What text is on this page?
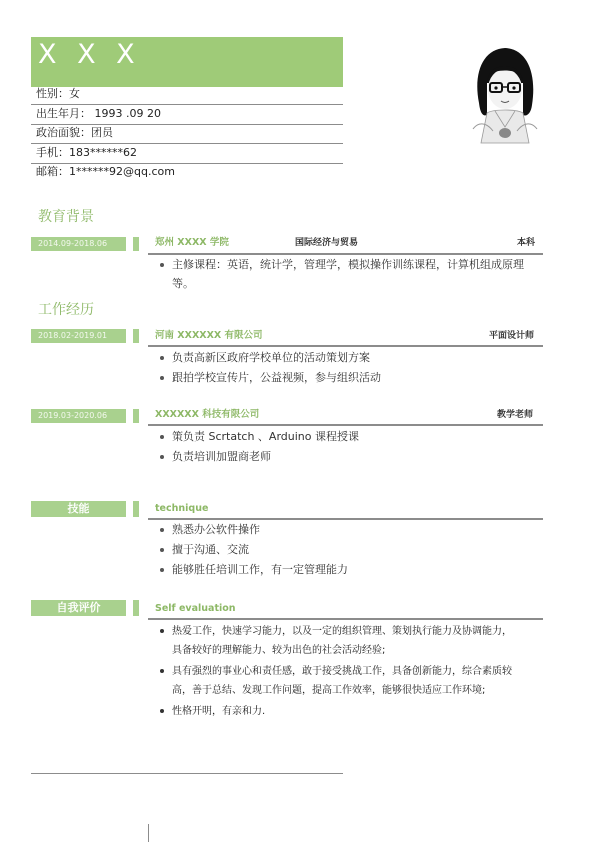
X X X
性别：女
出生年月： 1993 .09 20
政治面貌：团员
手机：183******62
邮箱：1******92@qq.com
教育背景
2014.09-2018.06	郑州 XXXX 学院	国际经济与贸易	本科
主修课程：英语，统计学，管理学，模拟操作训练课程，计算机组成原理
等。
工作经历
2018.02-2019.01	河南 XXXXXX 有限公司	平面设计师
负责高新区政府学校单位的活动策划方案
跟拍学校宣传片，公益视频，参与组织活动
2019.03-2020.06	XXXXXX 科技有限公司	教学老师
策负责 Scrtatch 、Arduino 课程授课
负责培训加盟商老师
技能	technique
熟悉办公软件操作
擅于沟通、交流
能够胜任培训工作，有一定管理能力
自我评价	Self evaluation
热爱工作，快速学习能力，以及一定的组织管理、策划执行能力及协调能力，
具备较好的理解能力、较为出色的社会活动经验;
具有强烈的事业心和责任感，敢于接受挑战工作，具备创新能力，综合素质较
高，善于总结、发现工作问题，提高工作效率，能够很快适应工作环境;
性格开明，有亲和力.
